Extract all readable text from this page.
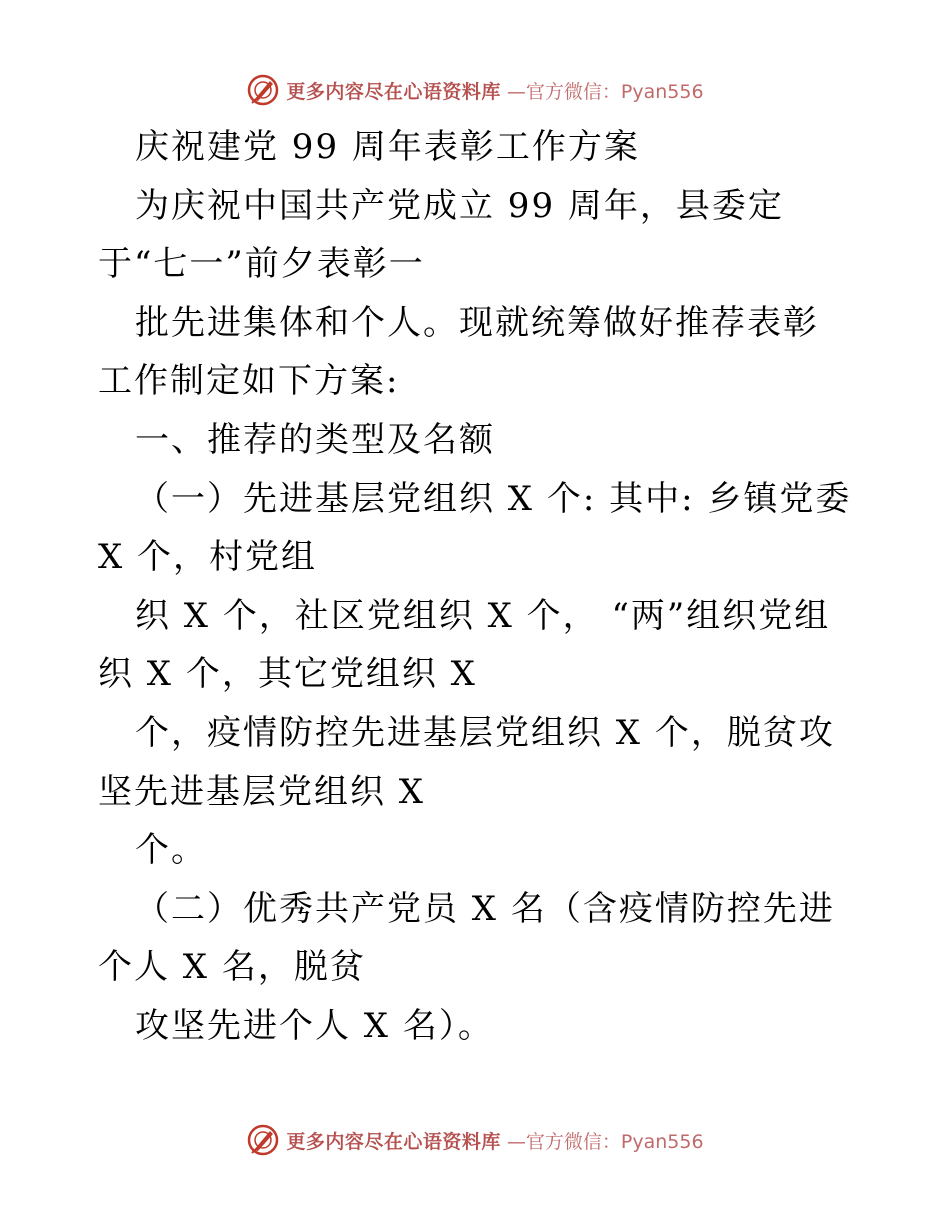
更多内容尽在心语资料库 —官方微信：Pyan556

庆祝建党 99 周年表彰工作方案

为庆祝中国共产党成立 99 周年，县委定于“七一”前夕表彰一

批先进集体和个人。现就统筹做好推荐表彰工作制定如下方案:

一、推荐的类型及名额

（一）先进基层党组织 X 个: 其中: 乡镇党委 X 个，村党组

织 X 个，社区党组织 X 个， “两”组织党组织 X 个，其它党组织 X

个，疫情防控先进基层党组织 X 个，脱贫攻坚先进基层党组织 X

个。

（二）优秀共产党员 X 名（含疫情防控先进个人 X 名，脱贫

攻坚先进个人 X 名）。

更多内容尽在心语资料库 —官方微信：Pyan556
